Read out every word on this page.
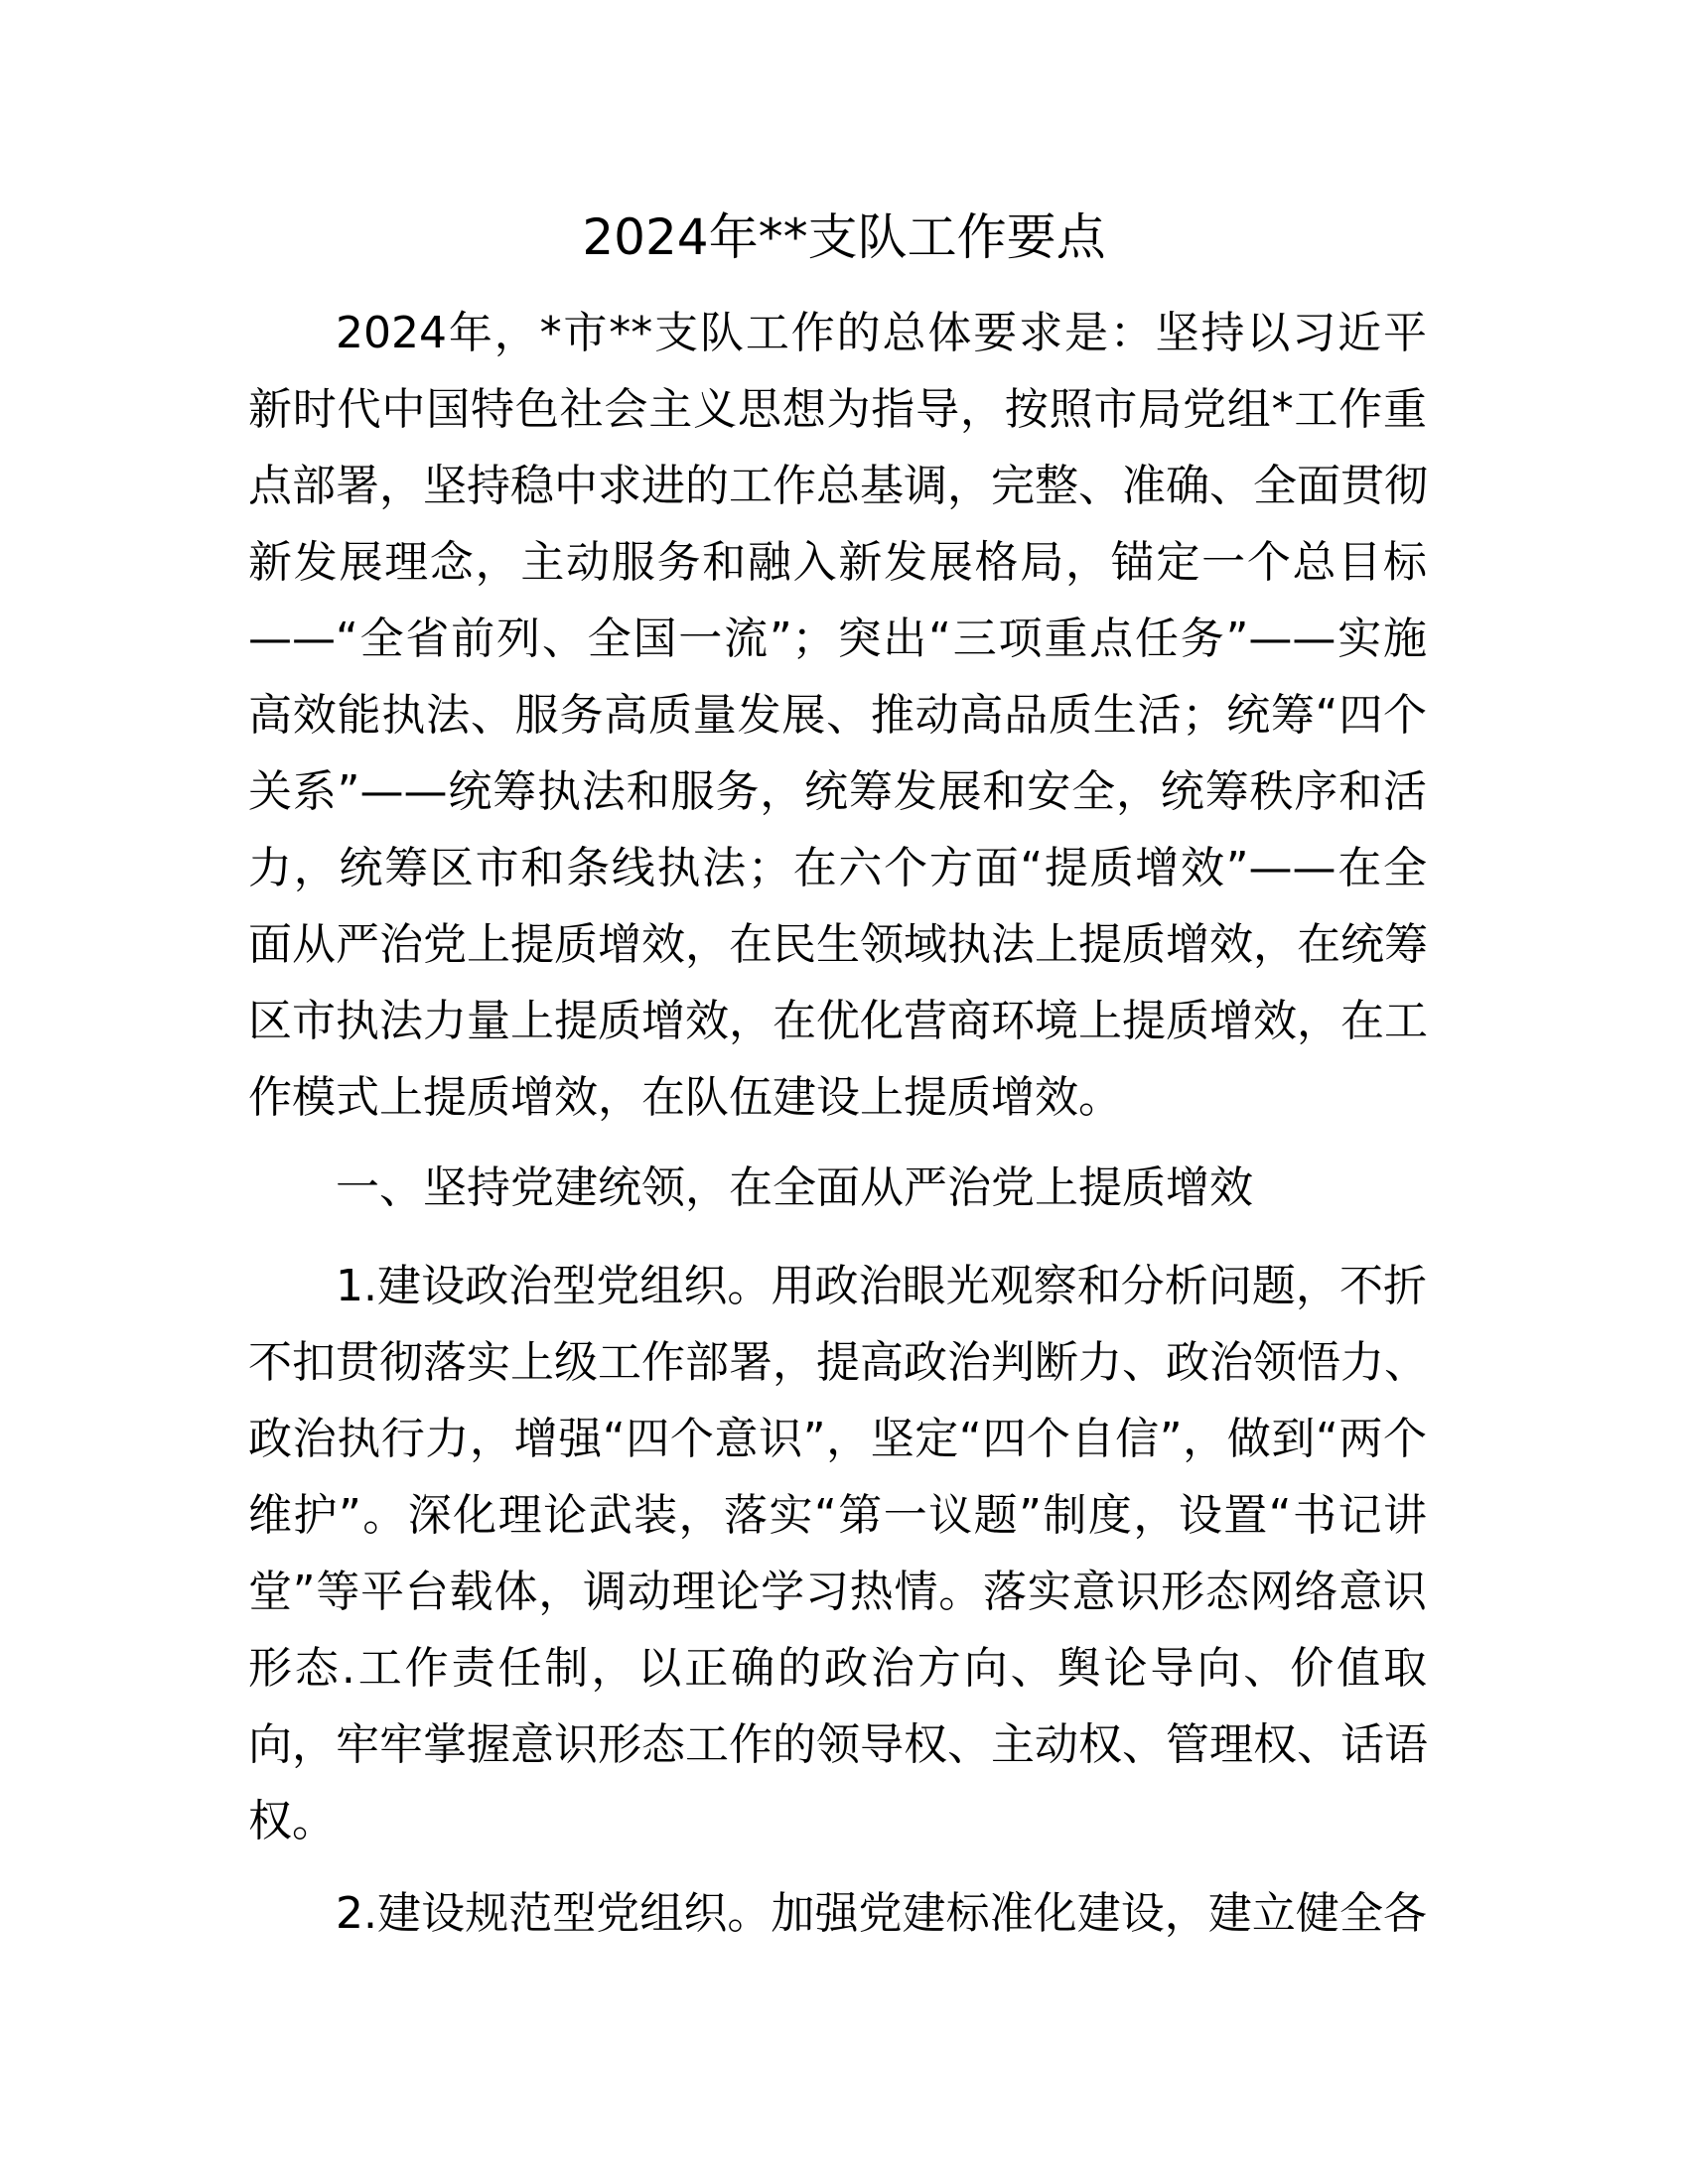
2024年**支队工作要点
2024年，*市**支队工作的总体要求是：坚持以习近平
新时代中国特色社会主义思想为指导，按照市局党组*工作重
点部署，坚持稳中求进的工作总基调，完整、准确、全面贯彻
新发展理念，主动服务和融入新发展格局，锚定一个总目标
——“全省前列、全国一流”；突出“三项重点任务”——实施
高效能执法、服务高质量发展、推动高品质生活；统筹“四个
关系”——统筹执法和服务，统筹发展和安全，统筹秩序和活
力，统筹区市和条线执法；在六个方面“提质增效”——在全
面从严治党上提质增效，在民生领域执法上提质增效，在统筹
区市执法力量上提质增效，在优化营商环境上提质增效，在工
作模式上提质增效，在队伍建设上提质增效。
一、坚持党建统领，在全面从严治党上提质增效
1.建设政治型党组织。用政治眼光观察和分析问题，不折
不扣贯彻落实上级工作部署，提高政治判断力、政治领悟力、
政治执行力，增强“四个意识”，坚定“四个自信”，做到“两个
维护”。深化理论武装，落实“第一议题”制度，设置“书记讲
堂”等平台载体，调动理论学习热情。落实意识形态网络意识
形态.工作责任制，以正确的政治方向、舆论导向、价值取
向，牢牢掌握意识形态工作的领导权、主动权、管理权、话语
权。
2.建设规范型党组织。加强党建标准化建设，建立健全各
